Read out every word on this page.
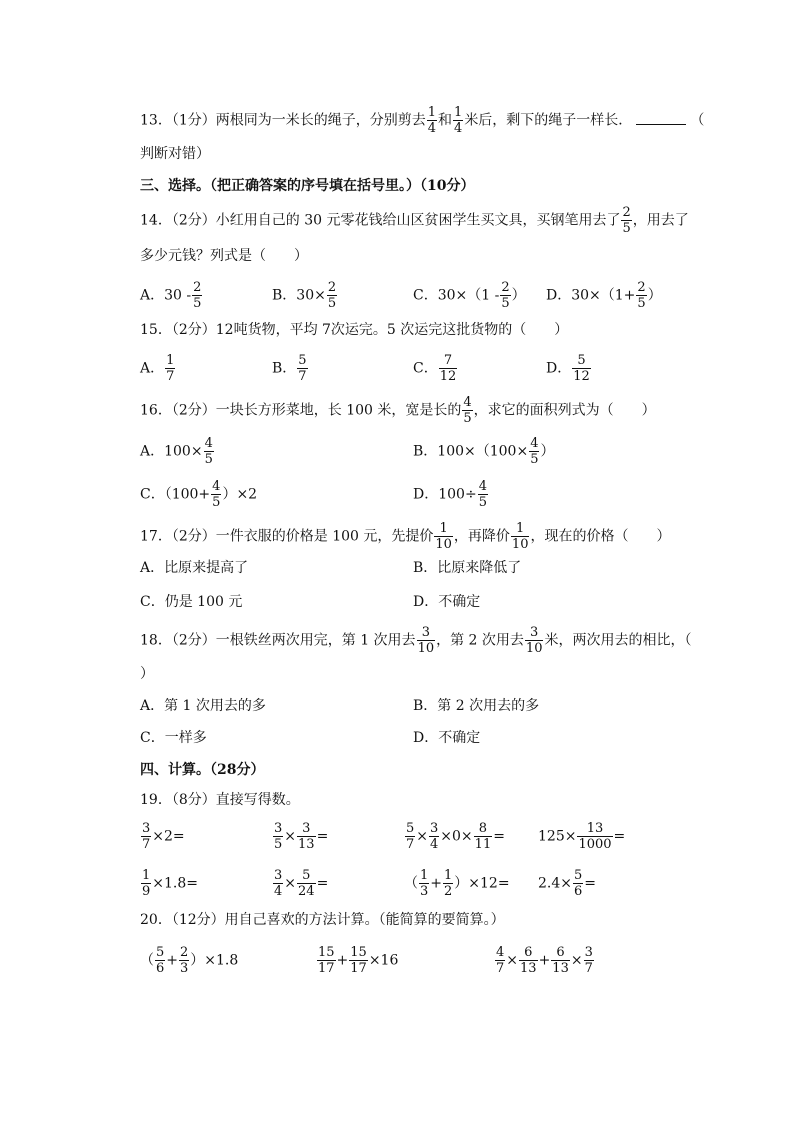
13．（1分）两根同为一米长的绳子，分别剪去 $\frac{1}{4}$ 和 $\frac{1}{4}$ 米后，剩下的绳子一样长．	（
判断对错）
三、选择。（把正确答案的序号填在括号里。）（10分）
14．（2分）小红用自己的 30 元零花钱给山区贫困学生买文具，买钢笔用去了 $\frac{2}{5}$ ，用去了
多少元钱？列式是（　　）
A．$30 - \frac{2}{5}$	B．$30\times \frac{2}{5}$	C．$30\times(1 - \frac{2}{5}$ ） D．$30\times(1+ \frac{2}{5}$ ）
15．（2分）12吨货物，平均 7次运完。5 次运完这批货物的（　　）
A． $\frac{1}{7}$	B． $\frac{5}{7}$	C． $\frac{7}{12}$	D． $\frac{5}{12}$
16．（2分）一块长方形菜地，长 100 米，宽是长的 $\frac{4}{5}$ ，求它的面积列式为（　　）
A．$100\times \frac{4}{5}$	B．$100\times(100\times \frac{4}{5}$ ）
C．$(100+ \frac{4}{5} )\times 2$	D．$100\div \frac{4}{5}$
17．（2分）一件衣服的价格是 100 元，先提价 $\frac{1}{10}$ ，再降价 $\frac{1}{10}$ ，现在的价格（　　）
A．比原来提高了	B．比原来降低了
C．仍是 100 元	D．不确定
18．（2分）一根铁丝两次用完，第 1 次用去 $\frac{3}{10}$ ，第 2 次用去 $\frac{3}{10}$ 米，两次用去的相比，（
）
A．第 1 次用去的多	B．第 2 次用去的多
C．一样多	D．不确定
四、计算。（28分）
19．（8分）直接写得数。
$\frac{3}{7} \times 2=$	$\frac{3}{5} \times \frac{3}{13}$ =	$\frac{5}{7} \times \frac{3}{4} \times 0\times \frac{8}{11} = 125\times \frac{13}{1000}$ =
$\frac{1}{9} \times 1.8=$	$\frac{3}{4} \times \frac{5}{24}$ =	（ $\frac{1}{3} + \frac{1}{2} )\times 12= 2.4\times \frac{5}{6}$ =
20．（12分）用自己喜欢的方法计算。（能简算的要简算。）
（ $\frac{5}{6} + \frac{2}{3} )\times 1.8$	$\frac{15}{17} + \frac{15}{17} \times 16$	$\frac{4}{7} \times \frac{6}{13} + \frac{6}{13} \times \frac{3}{7}$
